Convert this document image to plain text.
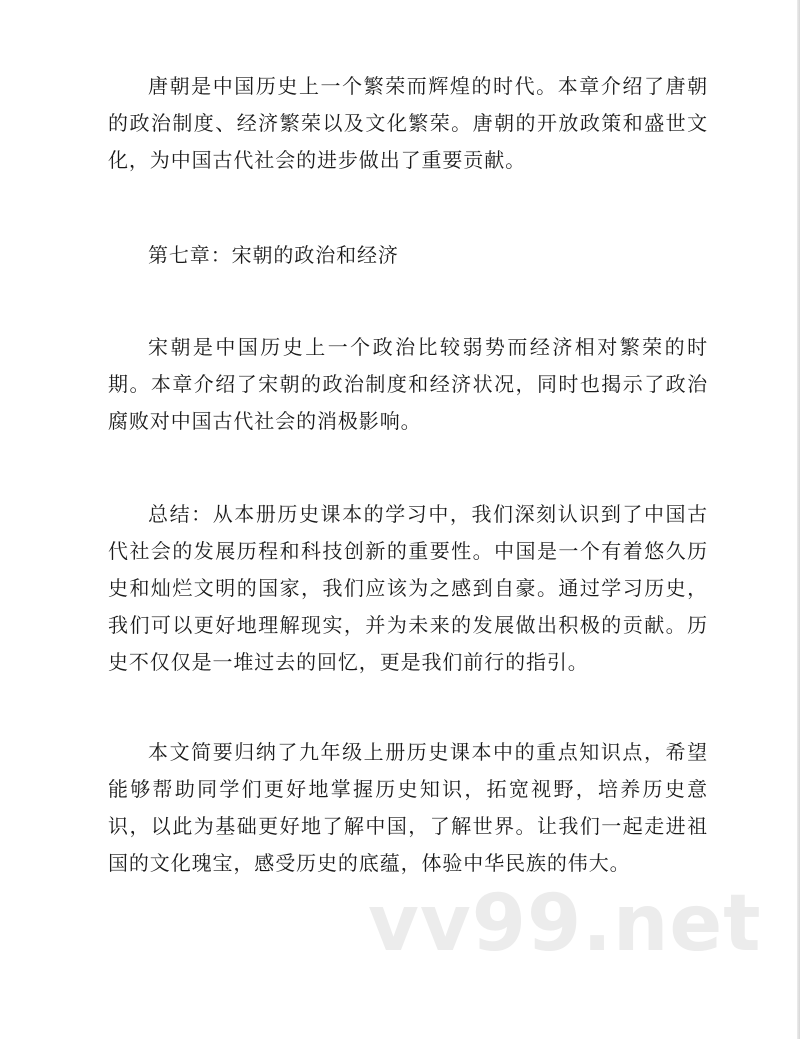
唐朝是中国历史上一个繁荣而辉煌的时代。本章介绍了唐朝的政治制度、经济繁荣以及文化繁荣。唐朝的开放政策和盛世文化，为中国古代社会的进步做出了重要贡献。

第七章：宋朝的政治和经济

宋朝是中国历史上一个政治比较弱势而经济相对繁荣的时期。本章介绍了宋朝的政治制度和经济状况，同时也揭示了政治腐败对中国古代社会的消极影响。

总结：从本册历史课本的学习中，我们深刻认识到了中国古代社会的发展历程和科技创新的重要性。中国是一个有着悠久历史和灿烂文明的国家，我们应该为之感到自豪。通过学习历史，我们可以更好地理解现实，并为未来的发展做出积极的贡献。历史不仅仅是一堆过去的回忆，更是我们前行的指引。

本文简要归纳了九年级上册历史课本中的重点知识点，希望能够帮助同学们更好地掌握历史知识，拓宽视野，培养历史意识，以此为基础更好地了解中国，了解世界。让我们一起走进祖国的文化瑰宝，感受历史的底蕴，体验中华民族的伟大。

vv99.net
